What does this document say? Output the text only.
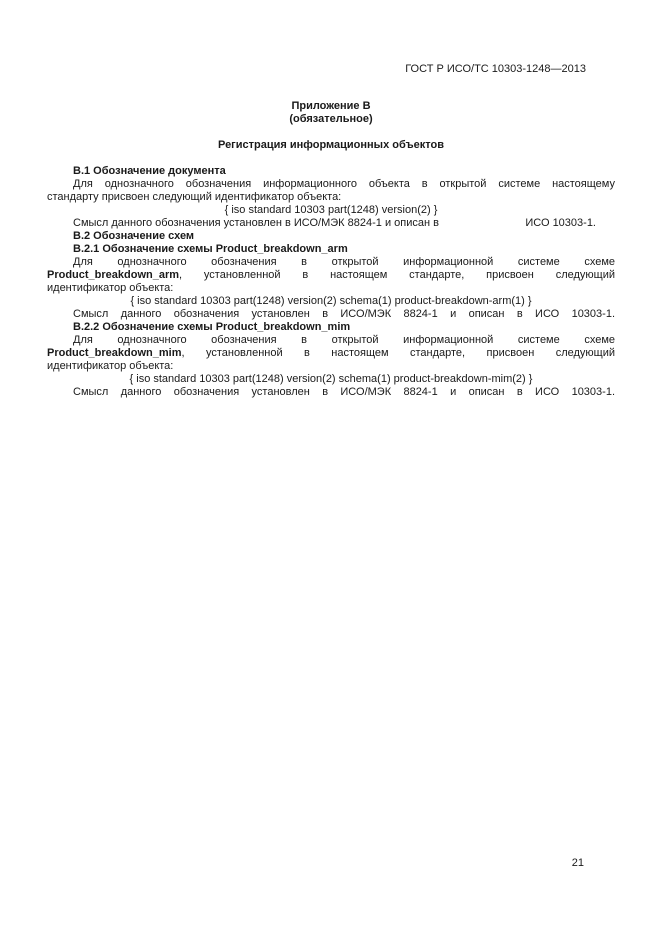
ГОСТ Р ИСО/ТС 10303-1248—2013
Приложение В
(обязательное)
Регистрация информационных объектов
В.1 Обозначение документа
Для однозначного обозначения информационного объекта в открытой системе настоящему
стандарту присвоен следующий идентификатор объекта:
{ iso standard 10303 part(1248) version(2) }
Смысл данного обозначения установлен в ИСО/МЭК 8824-1 и описан в	ИСО 10303-1.
В.2 Обозначение схем
В.2.1 Обозначение схемы Product_breakdown_arm
Для однозначного обозначения в открытой информационной системе схеме
Product_breakdown_arm, установленной в настоящем стандарте, присвоен следующий
идентификатор объекта:
{ iso standard 10303 part(1248) version(2) schema(1) product-breakdown-arm(1) }
Смысл данного обозначения установлен в ИСО/МЭК 8824-1 и описан в ИСО 10303-1.
В.2.2 Обозначение схемы Product_breakdown_mim
Для однозначного обозначения в открытой информационной системе схеме
Product_breakdown_mim, установленной в настоящем стандарте, присвоен следующий
идентификатор объекта:
{ iso standard 10303 part(1248) version(2) schema(1) product-breakdown-mim(2) }
Смысл данного обозначения установлен в ИСО/МЭК 8824-1 и описан в ИСО 10303-1.
21
